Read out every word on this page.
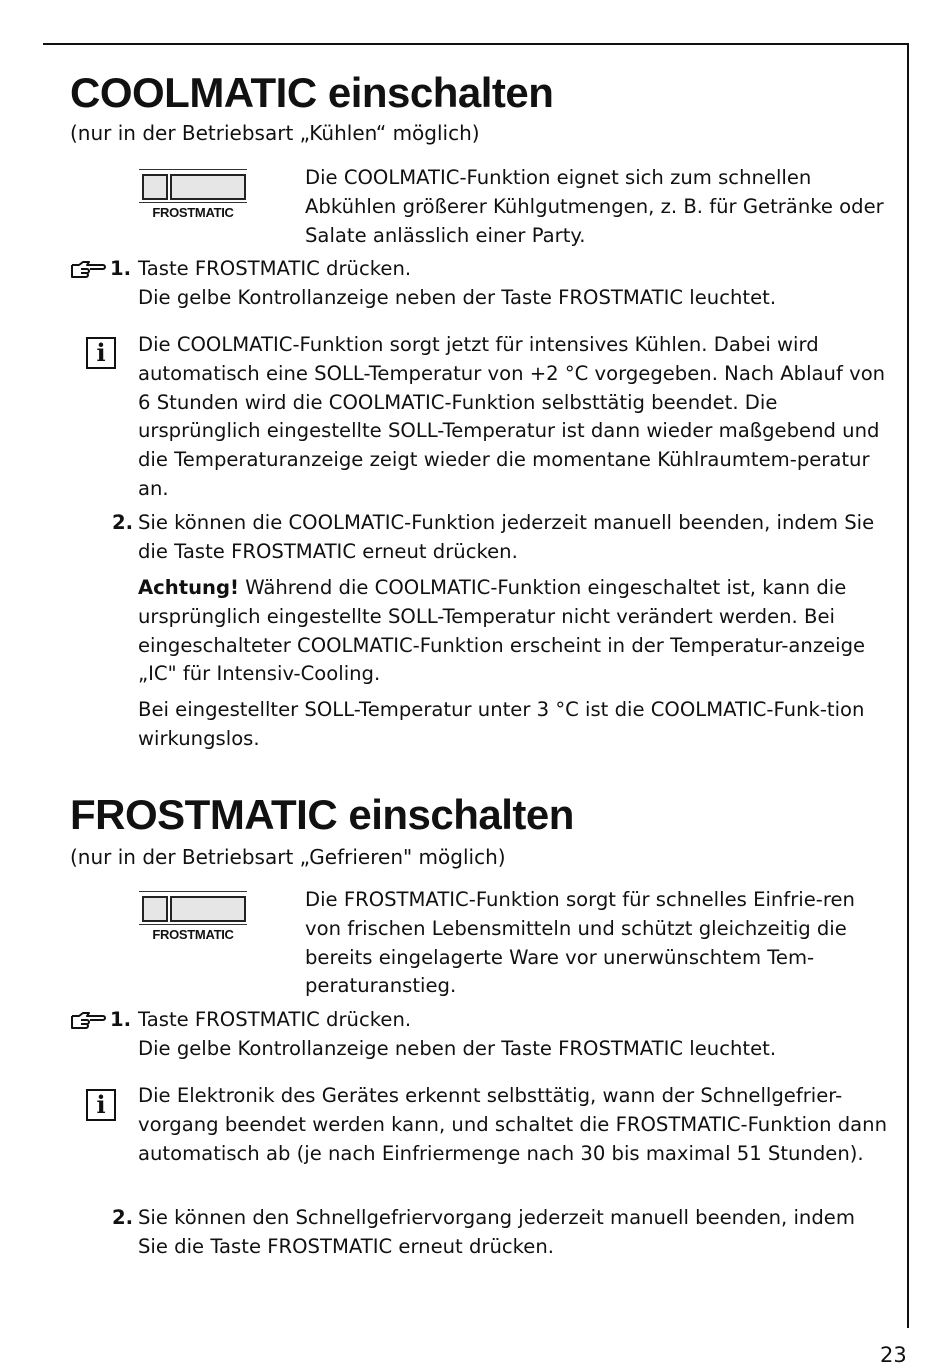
COOLMATIC einschalten
(nur in der Betriebsart „Kühlen“ möglich)
FROSTMATIC

Die COOLMATIC-Funktion eignet sich zum schnellen Abkühlen größerer Kühlgutmengen, z. B. für Getränke oder Salate anlässlich einer Party.

1. Taste FROSTMATIC drücken.
Die gelbe Kontrollanzeige neben der Taste FROSTMATIC leuchtet.

i	Die COOLMATIC-Funktion sorgt jetzt für intensives Kühlen. Dabei wird automatisch eine SOLL-Temperatur von +2 °C vorgegeben. Nach Ablauf von 6 Stunden wird die COOLMATIC-Funktion selbsttätig beendet. Die ursprünglich eingestellte SOLL-Temperatur ist dann wieder maßgebend und die Temperaturanzeige zeigt wieder die momentane Kühlraumtem-peratur an.

2. Sie können die COOLMATIC-Funktion jederzeit manuell beenden, indem Sie die Taste FROSTMATIC erneut drücken.

Achtung! Während die COOLMATIC-Funktion eingeschaltet ist, kann die ursprünglich eingestellte SOLL-Temperatur nicht verändert werden. Bei eingeschalteter COOLMATIC-Funktion erscheint in der Temperatur-anzeige „IC" für Intensiv-Cooling.

Bei eingestellter SOLL-Temperatur unter 3 °C ist die COOLMATIC-Funk-tion wirkungslos.

FROSTMATIC einschalten
(nur in der Betriebsart „Gefrieren" möglich)
FROSTMATIC

Die FROSTMATIC-Funktion sorgt für schnelles Einfrie-ren von frischen Lebensmitteln und schützt gleichzeitig die bereits eingelagerte Ware vor unerwünschtem Tem-peraturanstieg.

1. Taste FROSTMATIC drücken.
Die gelbe Kontrollanzeige neben der Taste FROSTMATIC leuchtet.

i	Die Elektronik des Gerätes erkennt selbsttätig, wann der Schnellgefrier-vorgang beendet werden kann, und schaltet die FROSTMATIC-Funktion dann automatisch ab (je nach Einfriermenge nach 30 bis maximal 51 Stunden).

2. Sie können den Schnellgefriervorgang jederzeit manuell beenden, indem Sie die Taste FROSTMATIC erneut drücken.

23
